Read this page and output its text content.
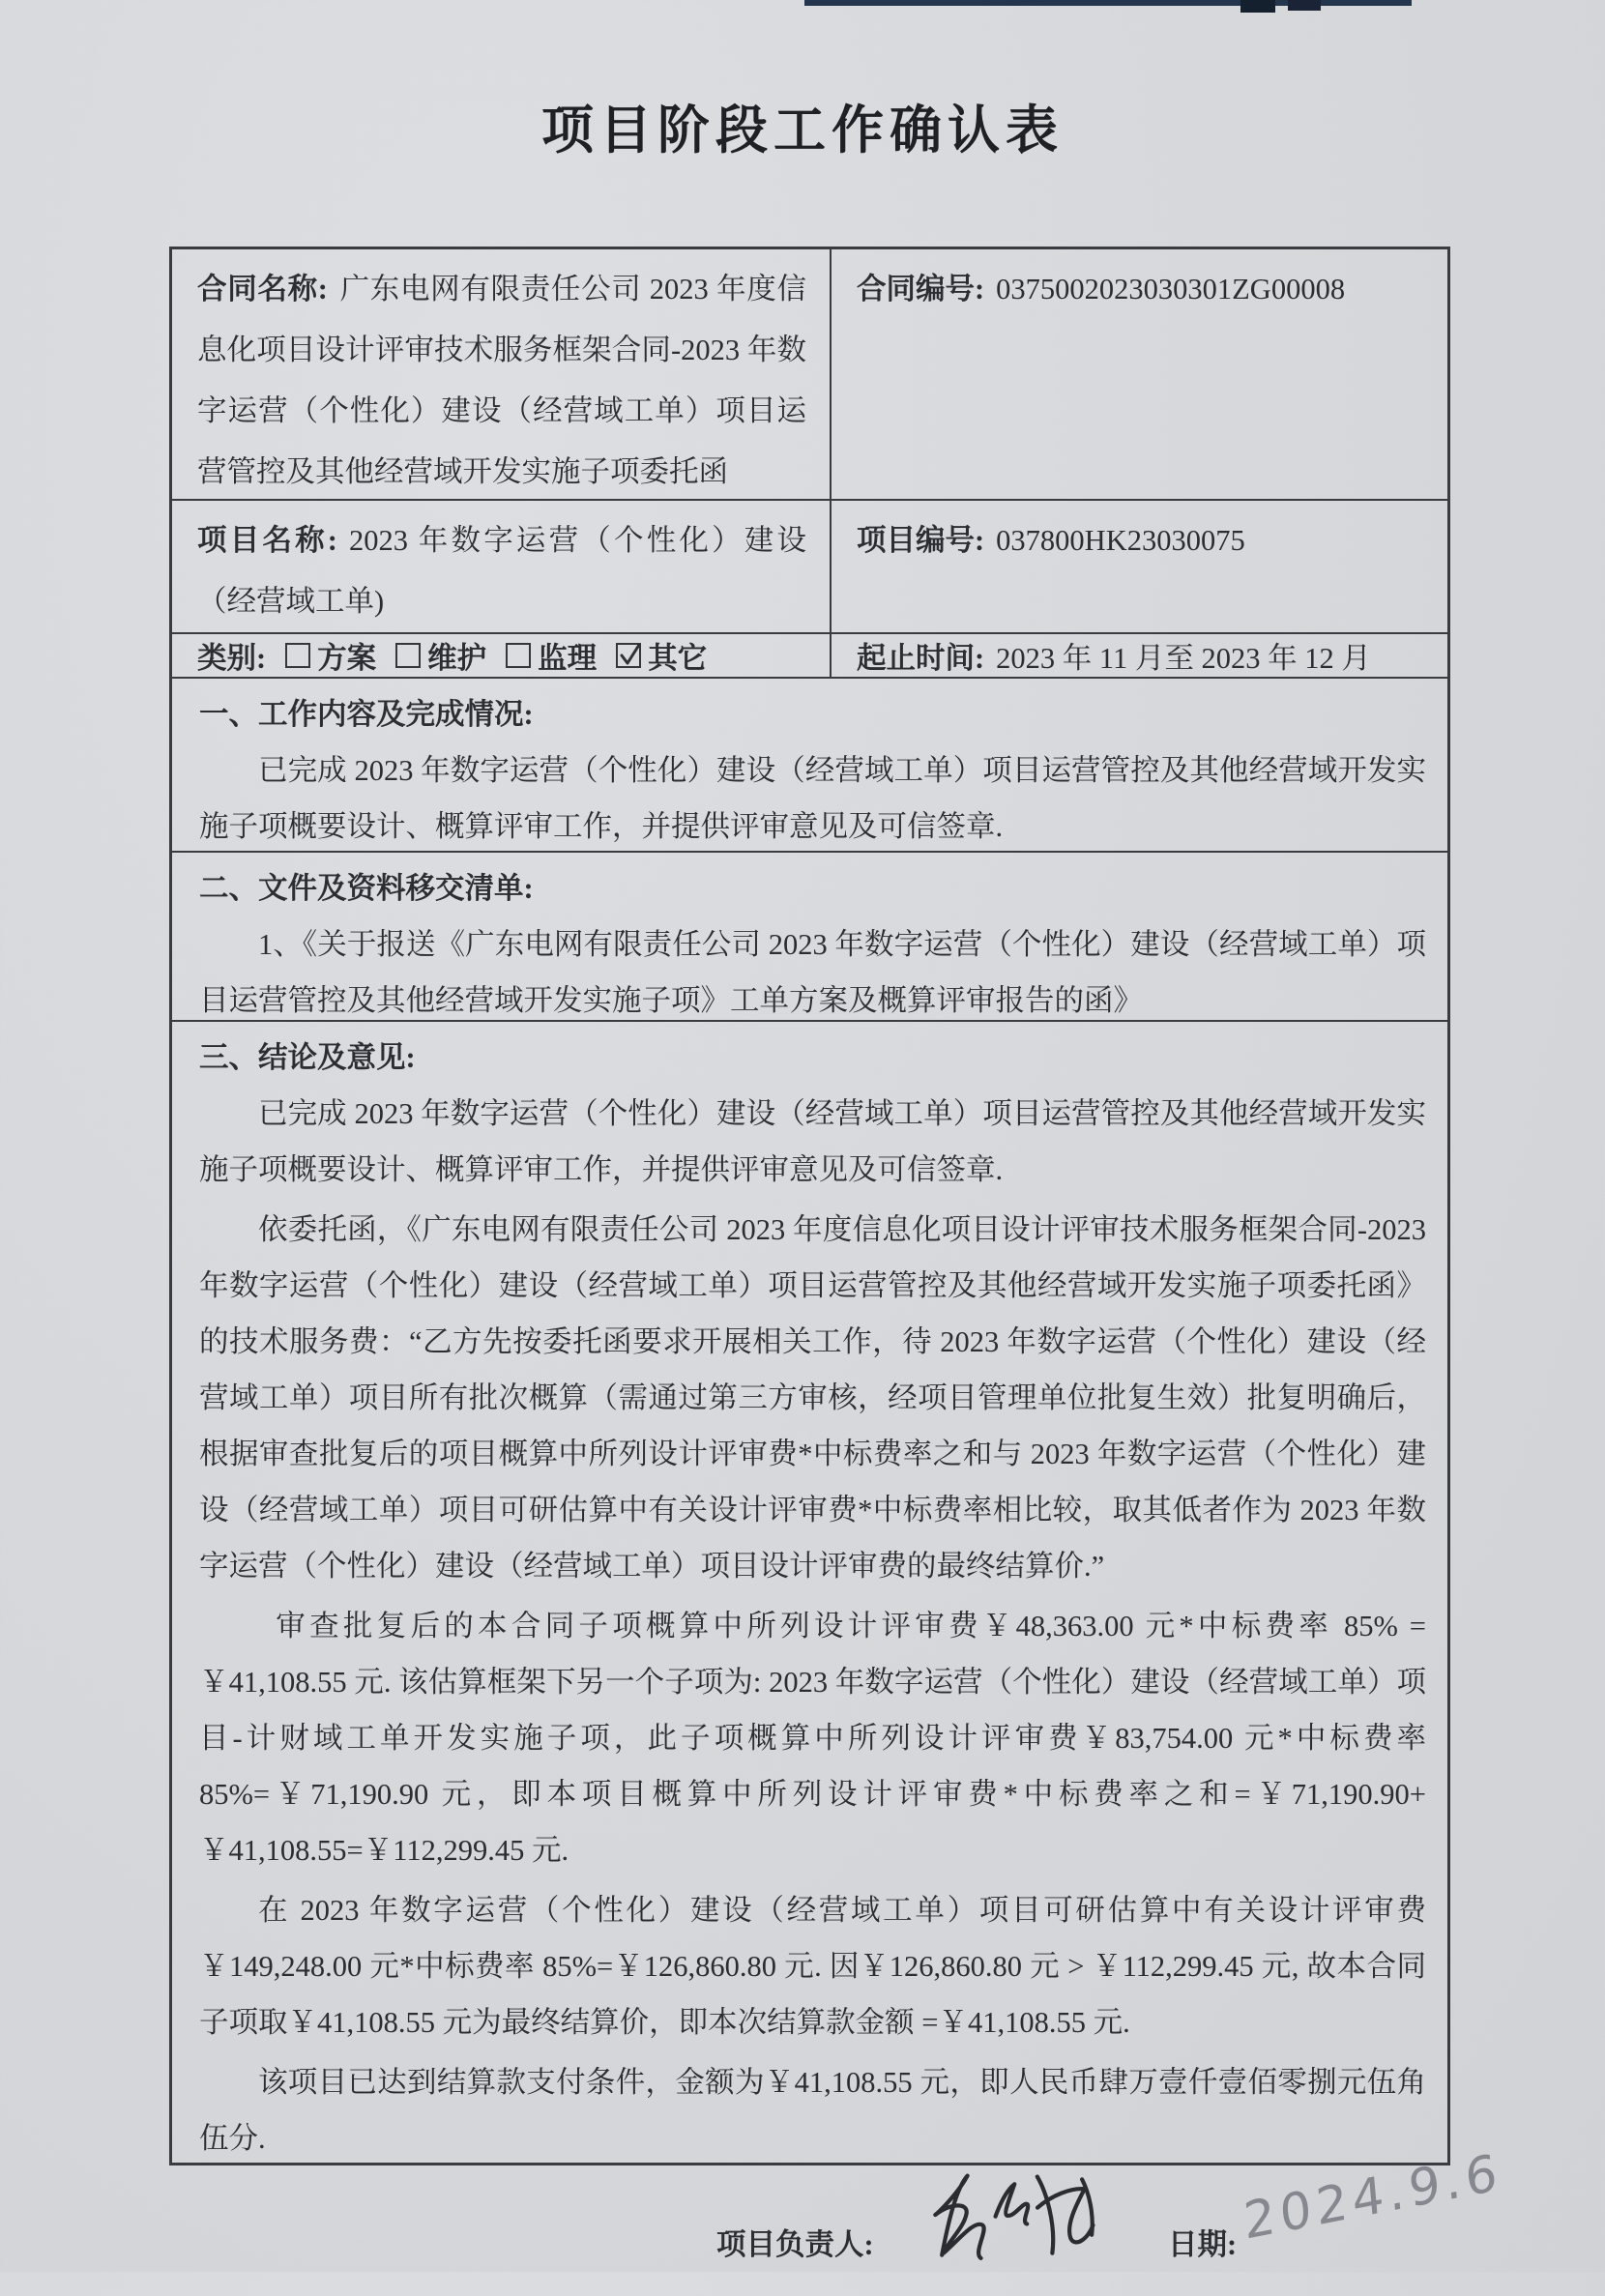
项目阶段工作确认表
合同名称: 广东电网有限责任公司 2023 年度信息化项目设计评审技术服务框架合同-2023 年数字运营（个性化）建设（经营域工单）项目运营管控及其他经营域开发实施子项委托函
合同编号: 0375002023030301ZG00008
项目名称: 2023 年数字运营（个性化）建设（经营域工单)
项目编号: 037800HK23030075
类别: 方案 维护 监理 其它	起止时间: 2023 年 11 月至 2023 年 12 月
一、工作内容及完成情况:
已完成 2023 年数字运营（个性化）建设（经营域工单）项目运营管控及其他经营域开发实施子项概要设计、概算评审工作，并提供评审意见及可信签章.
二、文件及资料移交清单:
1、《关于报送《广东电网有限责任公司 2023 年数字运营（个性化）建设（经营域工单）项目运营管控及其他经营域开发实施子项》工单方案及概算评审报告的函》
三、结论及意见:
已完成 2023 年数字运营（个性化）建设（经营域工单）项目运营管控及其他经营域开发实施子项概要设计、概算评审工作，并提供评审意见及可信签章.
依委托函，《广东电网有限责任公司 2023 年度信息化项目设计评审技术服务框架合同-2023 年数字运营（个性化）建设（经营域工单）项目运营管控及其他经营域开发实施子项委托函》的技术服务费：“乙方先按委托函要求开展相关工作，待 2023 年数字运营（个性化）建设（经营域工单）项目所有批次概算（需通过第三方审核，经项目管理单位批复生效）批复明确后，根据审查批复后的项目概算中所列设计评审费*中标费率之和与 2023 年数字运营（个性化）建设（经营域工单）项目可研估算中有关设计评审费*中标费率相比较，取其低者作为 2023 年数字运营（个性化）建设（经营域工单）项目设计评审费的最终结算价.”
审查批复后的本合同子项概算中所列设计评审费￥48,363.00 元*中标费率 85% = ￥41,108.55 元. 该估算框架下另一个子项为: 2023 年数字运营（个性化）建设（经营域工单）项目-计财域工单开发实施子项，此子项概算中所列设计评审费￥83,754.00 元*中标费率 85%=￥71,190.90 元，即本项目概算中所列设计评审费*中标费率之和=￥71,190.90+￥41,108.55=￥112,299.45 元.
在 2023 年数字运营（个性化）建设（经营域工单）项目可研估算中有关设计评审费￥149,248.00 元*中标费率 85%=￥126,860.80 元. 因￥126,860.80 元 > ￥112,299.45 元, 故本合同子项取￥41,108.55 元为最终结算价，即本次结算款金额 =￥41,108.55 元.
该项目已达到结算款支付条件，金额为￥41,108.55 元，即人民币肆万壹仟壹佰零捌元伍角伍分.
项目负责人:	日期: 2024.9.6
